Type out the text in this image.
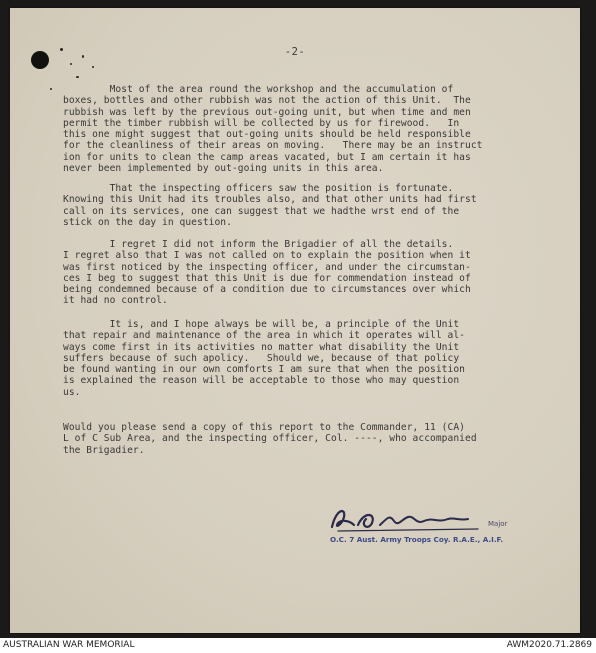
-2-
Most of the area round the workshop and the accumulation of
boxes, bottles and other rubbish was not the action of this Unit.  The
rubbish was left by the previous out-going unit, but when time and men
permit the timber rubbish will be collected by us for firewood.   In
this one might suggest that out-going units should be held responsible
for the cleanliness of their areas on moving.   There may be an instruct
ion for units to clean the camp areas vacated, but I am certain it has
never been implemented by out-going units in this area.
That the inspecting officers saw the position is fortunate.
Knowing this Unit had its troubles also, and that other units had first
call on its services, one can suggest that we hadthe wrst end of the
stick on the day in question.
I regret I did not inform the Brigadier of all the details.
I regret also that I was not called on to explain the position when it
was first noticed by the inspecting officer, and under the circumstan-
ces I beg to suggest that this Unit is due for commendation instead of
being condemned because of a condition due to circumstances over which
it had no control.
It is, and I hope always be will be, a principle of the Unit
that repair and maintenance of the area in which it operates will al-
ways come first in its activities no matter what disability the Unit
suffers because of such apolicy.   Should we, because of that policy
be found wanting in our own comforts I am sure that when the position
is explained the reason will be acceptable to those who may question
us.
Would you please send a copy of this report to the Commander, 11 (CA)
L of C Sub Area, and the inspecting officer, Col. ----, who accompanied
the Brigadier.
Major
O.C. 7 Aust. Army Troops Coy. R.A.E., A.I.F.
AUSTRALIAN WAR MEMORIAL	AWM2020.71.2869
